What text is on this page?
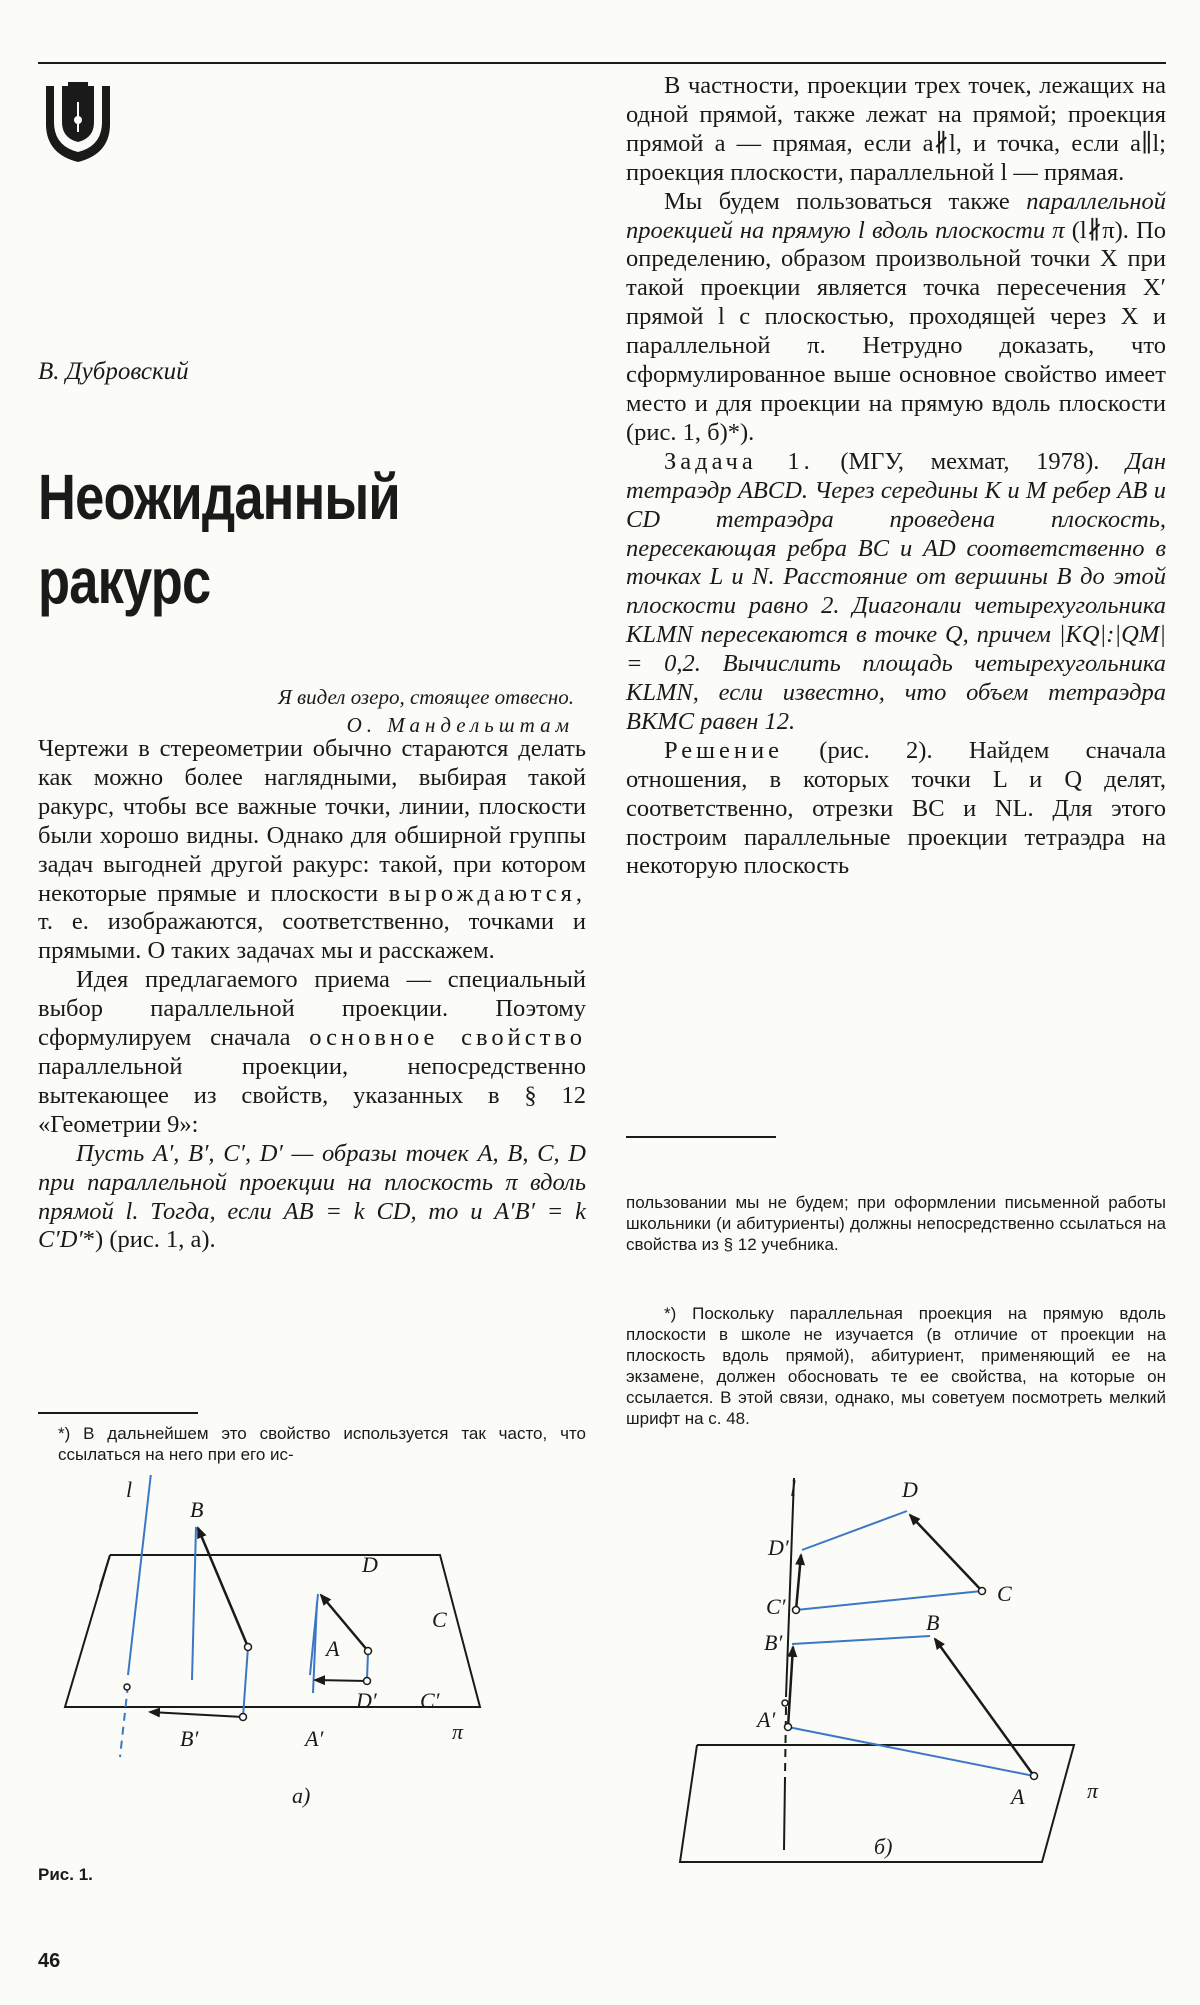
В. Дубровский
Неожиданный
ракурс
Я видел озеро, стоящее отвесно.
О. Мандельштам

Чертежи в стереометрии обычно стараются делать как можно более наглядными, выбирая такой ракурс, чтобы все важные точки, линии, плоскости были хорошо видны. Однако для обширной группы задач выгодней другой ракурс: такой, при котором некоторые прямые и плоскости вырождаются, т. е. изображаются, соответственно, точками и прямыми. О таких задачах мы и расскажем.

Идея предлагаемого приема — специальный выбор параллельной проекции. Поэтому сформулируем сначала основное свойство параллельной проекции, непосредственно вытекающее из свойств, указанных в § 12 «Геометрии 9»:

Пусть A′, B′, C′, D′ — образы точек A, B, C, D при параллельной проекции на плоскость π вдоль прямой l. Тогда, если AB = k CD, то и A′B′ = k C′D′*) (рис. 1, а).

*) В дальнейшем это свойство используется так часто, что ссылаться на него при его ис-

В частности, проекции трех точек, лежащих на одной прямой, также лежат на прямой; проекция прямой a — прямая, если a∦l, и точка, если a∥l; проекция плоскости, параллельной l — прямая.

Мы будем пользоваться также параллельной проекцией на прямую l вдоль плоскости π (l∦π). По определению, образом произвольной точки X при такой проекции является точка пересечения X′ прямой l с плоскостью, проходящей через X и параллельной π. Нетрудно доказать, что сформулированное выше основное свойство имеет место и для проекции на прямую вдоль плоскости (рис. 1, б)*).

Задача 1. (МГУ, мехмат, 1978). Дан тетраэдр ABCD. Через середины K и M ребер AB и CD тетраэдра проведена плоскость, пересекающая ребра BC и AD соответственно в точках L и N. Расстояние от вершины B до этой плоскости равно 2. Диагонали четырехугольника KLMN пересекаются в точке Q, причем |KQ|:|QM| = 0,2. Вычислить площадь четырехугольника KLMN, если известно, что объем тетраэдра BKMC равен 12.

Решение (рис. 2). Найдем сначала отношения, в которых точки L и Q делят, соответственно, отрезки BC и NL. Для этого построим параллельные проекции тетраэдра на некоторую плоскость

пользовании мы не будем; при оформлении письменной работы школьники (и абитуриенты) должны непосредственно ссылаться на свойства из § 12 учебника.

*) Поскольку параллельная проекция на прямую вдоль плоскости в школе не изучается (в отличие от проекции на плоскость вдоль прямой), абитуриент, применяющий ее на экзамене, должен обосновать те ее свойства, на которые он ссылается. В этой связи, однако, мы советуем посмотреть мелкий шрифт на с. 48.

l
B
D
C
A
D′ C′
B′	A′	π
а)
l	D
D′
C
C′
B
B′
A′
A	π
б)
Рис. 1.
46
